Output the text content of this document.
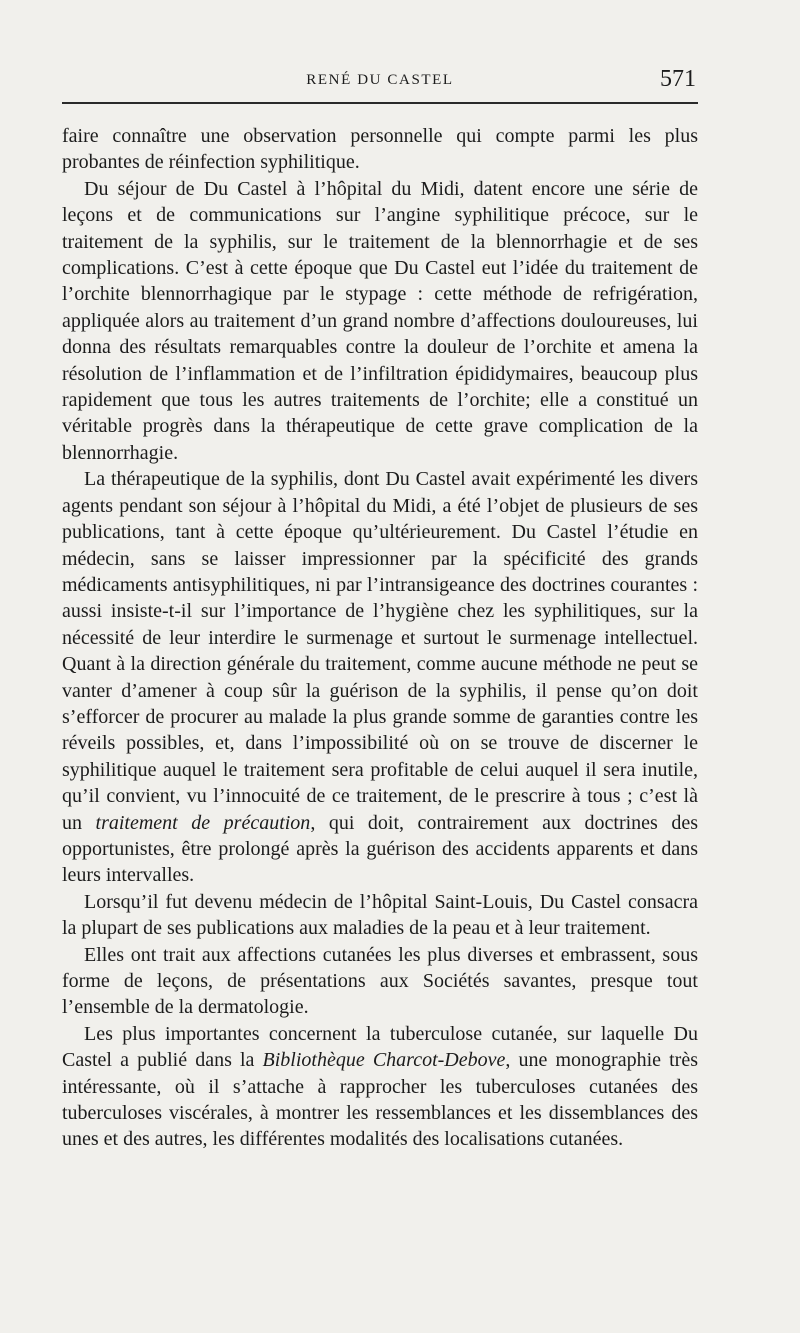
RENÉ DU CASTEL	571

faire connaître une observation personnelle qui compte parmi les plus probantes de réinfection syphilitique.

Du séjour de Du Castel à l’hôpital du Midi, datent encore une série de leçons et de communications sur l’angine syphilitique précoce, sur le traitement de la syphilis, sur le traitement de la blennorrhagie et de ses complications. C’est à cette époque que Du Castel eut l’idée du traitement de l’orchite blennorrhagique par le stypage : cette méthode de refrigération, appliquée alors au traitement d’un grand nombre d’affections douloureuses, lui donna des résultats remarquables contre la douleur de l’orchite et amena la résolution de l’inflammation et de l’infiltration épididymaires, beaucoup plus rapidement que tous les autres traitements de l’orchite; elle a constitué un véritable progrès dans la thérapeutique de cette grave complication de la blennorrhagie.

La thérapeutique de la syphilis, dont Du Castel avait expérimenté les divers agents pendant son séjour à l’hôpital du Midi, a été l’objet de plusieurs de ses publications, tant à cette époque qu’ultérieurement. Du Castel l’étudie en médecin, sans se laisser impressionner par la spécificité des grands médicaments antisyphilitiques, ni par l’intransigeance des doctrines courantes : aussi insiste-t-il sur l’importance de l’hygiène chez les syphilitiques, sur la nécessité de leur interdire le surmenage et surtout le surmenage intellectuel. Quant à la direction générale du traitement, comme aucune méthode ne peut se vanter d’amener à coup sûr la guérison de la syphilis, il pense qu’on doit s’efforcer de procurer au malade la plus grande somme de garanties contre les réveils possibles, et, dans l’impossibilité où on se trouve de discerner le syphilitique auquel le traitement sera profitable de celui auquel il sera inutile, qu’il convient, vu l’innocuité de ce traitement, de le prescrire à tous ; c’est là un traitement de précaution, qui doit, contrairement aux doctrines des opportunistes, être prolongé après la guérison des accidents apparents et dans leurs intervalles.

Lorsqu’il fut devenu médecin de l’hôpital Saint-Louis, Du Castel consacra la plupart de ses publications aux maladies de la peau et à leur traitement.

Elles ont trait aux affections cutanées les plus diverses et embrassent, sous forme de leçons, de présentations aux Sociétés savantes, presque tout l’ensemble de la dermatologie.

Les plus importantes concernent la tuberculose cutanée, sur laquelle Du Castel a publié dans la Bibliothèque Charcot-Debove, une monographie très intéressante, où il s’attache à rapprocher les tuberculoses cutanées des tuberculoses viscérales, à montrer les ressemblances et les dissemblances des unes et des autres, les différentes modalités des localisations cutanées.
